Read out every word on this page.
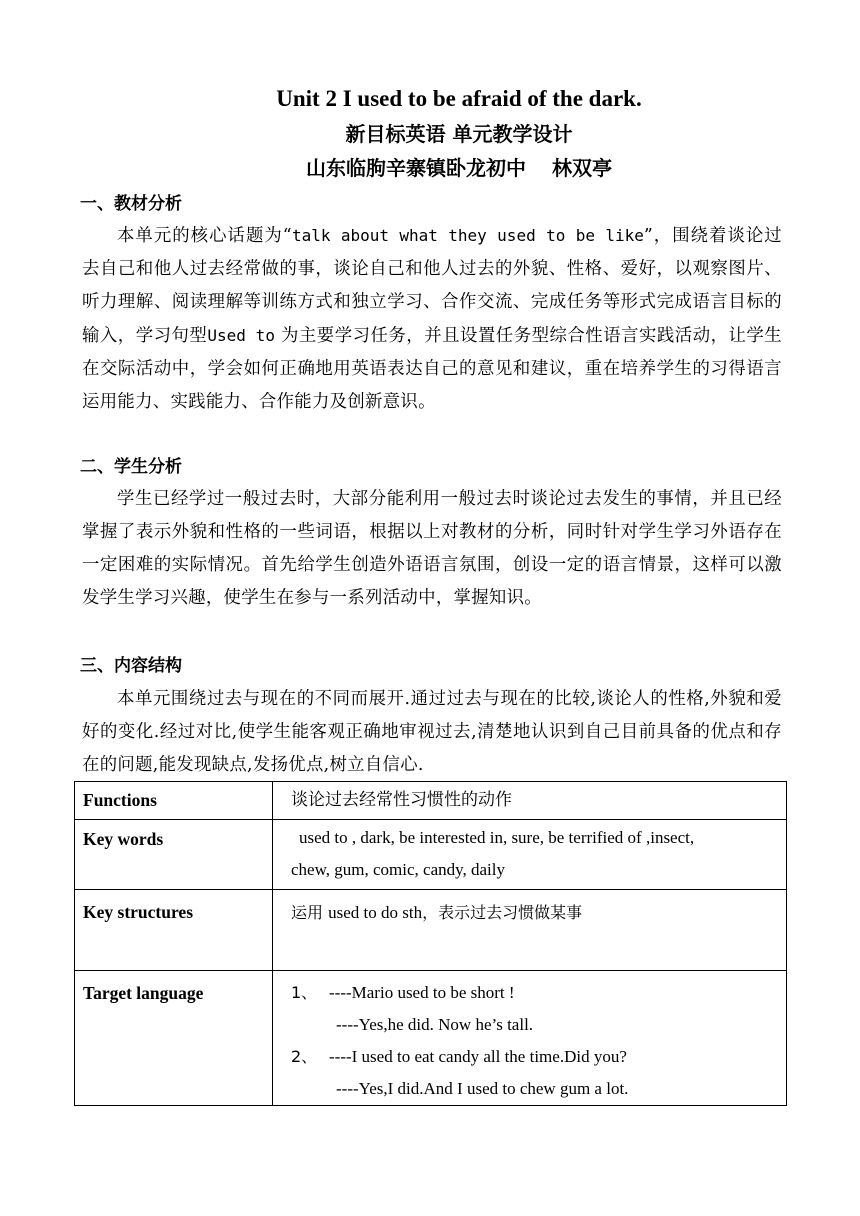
Unit 2 I used to be afraid of the dark.
新目标英语 单元教学设计
山东临朐辛寨镇卧龙初中 林双亭
一、教材分析
本单元的核心话题为“talk about what they used to be like”，围绕着谈论过去自己和他人过去经常做的事，谈论自己和他人过去的外貌、性格、爱好，以观察图片、听力理解、阅读理解等训练方式和独立学习、合作交流、完成任务等形式完成语言目标的输入，学习句型Used to 为主要学习任务，并且设置任务型综合性语言实践活动，让学生在交际活动中，学会如何正确地用英语表达自己的意见和建议，重在培养学生的习得语言运用能力、实践能力、合作能力及创新意识。
二、学生分析
学生已经学过一般过去时，大部分能利用一般过去时谈论过去发生的事情，并且已经掌握了表示外貌和性格的一些词语，根据以上对教材的分析，同时针对学生学习外语存在一定困难的实际情况。首先给学生创造外语语言氛围，创设一定的语言情景，这样可以激发学生学习兴趣，使学生在参与一系列活动中，掌握知识。
三、内容结构
本单元围绕过去与现在的不同而展开.通过过去与现在的比较,谈论人的性格,外貌和爱好的变化.经过对比,使学生能客观正确地审视过去,清楚地认识到自己目前具备的优点和存在的问题,能发现缺点,发扬优点,树立自信心.
Functions	谈论过去经常性习惯性的动作
Key words	used to , dark, be interested in, sure, be terrified of ,insect,
chew, gum, comic, candy, daily

Key structures	运用 used to do sth，表示过去习惯做某事
Target language	1、 ----Mario used to be short !
----Yes,he did. Now he’s tall.
2、 ----I used to eat candy all the time.Did you?
----Yes,I did.And I used to chew gum a lot.
